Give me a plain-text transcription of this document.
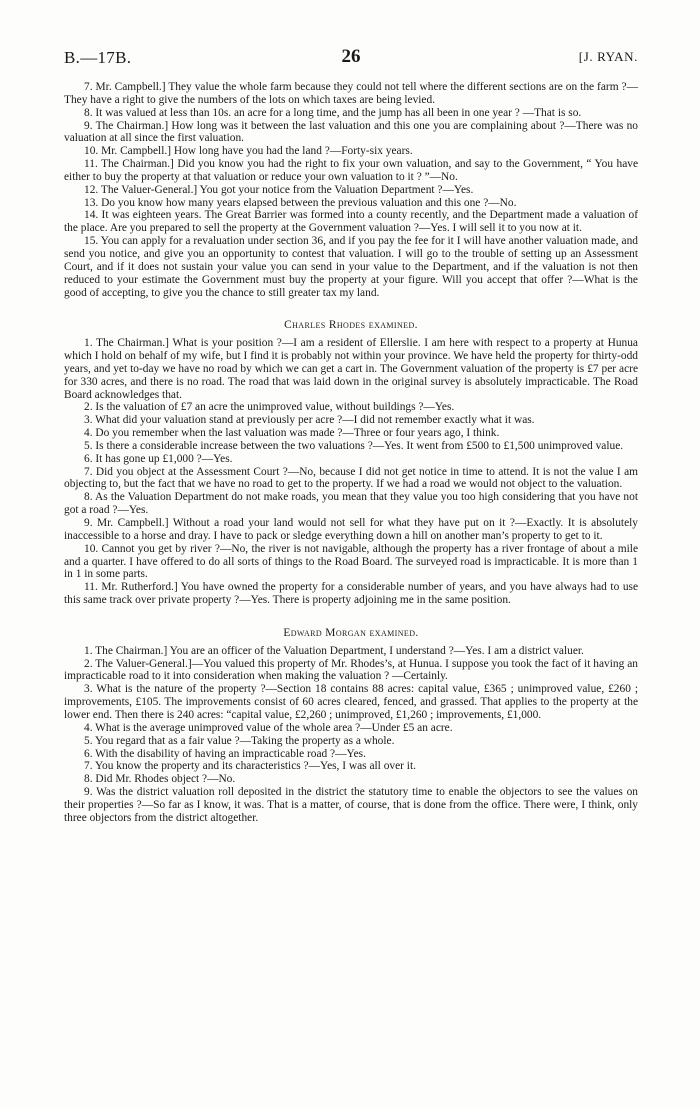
B.—17B.	26	[J. RYAN.

7. Mr. Campbell.] They value the whole farm because they could not tell where the different sections are on the farm ?—They have a right to give the numbers of the lots on which taxes are being levied.

8. It was valued at less than 10s. an acre for a long time, and the jump has all been in one year ? —That is so.

9. The Chairman.] How long was it between the last valuation and this one you are complaining about ?—There was no valuation at all since the first valuation.

10. Mr. Campbell.] How long have you had the land ?—Forty-six years.

11. The Chairman.] Did you know you had the right to fix your own valuation, and say to the Government, “ You have either to buy the property at that valuation or reduce your own valuation to it ? ”—No.

12. The Valuer-General.] You got your notice from the Valuation Department ?—Yes.

13. Do you know how many years elapsed between the previous valuation and this one ?—No.

14. It was eighteen years. The Great Barrier was formed into a county recently, and the Department made a valuation of the place. Are you prepared to sell the property at the Government valuation ?—Yes. I will sell it to you now at it.

15. You can apply for a revaluation under section 36, and if you pay the fee for it I will have another valuation made, and send you notice, and give you an opportunity to contest that valuation. I will go to the trouble of setting up an Assessment Court, and if it does not sustain your value you can send in your value to the Department, and if the valuation is not then reduced to your estimate the Government must buy the property at your figure. Will you accept that offer ?—What is the good of accepting, to give you the chance to still greater tax my land.

Charles Rhodes examined.

1. The Chairman.] What is your position ?—I am a resident of Ellerslie. I am here with respect to a property at Hunua which I hold on behalf of my wife, but I find it is probably not within your province. We have held the property for thirty-odd years, and yet to-day we have no road by which we can get a cart in. The Government valuation of the property is £7 per acre for 330 acres, and there is no road. The road that was laid down in the original survey is absolutely impracticable. The Road Board acknowledges that.

2. Is the valuation of £7 an acre the unimproved value, without buildings ?—Yes.

3. What did your valuation stand at previously per acre ?—I did not remember exactly what it was.

4. Do you remember when the last valuation was made ?—Three or four years ago, I think.

5. Is there a considerable increase between the two valuations ?—Yes. It went from £500 to £1,500 unimproved value.

6. It has gone up £1,000 ?—Yes.

7. Did you object at the Assessment Court ?—No, because I did not get notice in time to attend. It is not the value I am objecting to, but the fact that we have no road to get to the property. If we had a road we would not object to the valuation.

8. As the Valuation Department do not make roads, you mean that they value you too high considering that you have not got a road ?—Yes.

9. Mr. Campbell.] Without a road your land would not sell for what they have put on it ?—Exactly. It is absolutely inaccessible to a horse and dray. I have to pack or sledge everything down a hill on another man’s property to get to it.

10. Cannot you get by river ?—No, the river is not navigable, although the property has a river frontage of about a mile and a quarter. I have offered to do all sorts of things to the Road Board. The surveyed road is impracticable. It is more than 1 in 1 in some parts.

11. Mr. Rutherford.] You have owned the property for a considerable number of years, and you have always had to use this same track over private property ?—Yes. There is property adjoining me in the same position.

Edward Morgan examined.

1. The Chairman.] You are an officer of the Valuation Department, I understand ?—Yes. I am a district valuer.

2. The Valuer-General.]—You valued this property of Mr. Rhodes’s, at Hunua. I suppose you took the fact of it having an impracticable road to it into consideration when making the valuation ? —Certainly.

3. What is the nature of the property ?—Section 18 contains 88 acres: capital value, £365 ; unimproved value, £260 ; improvements, £105. The improvements consist of 60 acres cleared, fenced, and grassed. That applies to the property at the lower end. Then there is 240 acres: “capital value, £2,260 ; unimproved, £1,260 ; improvements, £1,000.

4. What is the average unimproved value of the whole area ?—Under £5 an acre.

5. You regard that as a fair value ?—Taking the property as a whole.

6. With the disability of having an impracticable road ?—Yes.

7. You know the property and its characteristics ?—Yes, I was all over it.

8. Did Mr. Rhodes object ?—No.

9. Was the district valuation roll deposited in the district the statutory time to enable the objectors to see the values on their properties ?—So far as I know, it was. That is a matter, of course, that is done from the office. There were, I think, only three objectors from the district altogether.
